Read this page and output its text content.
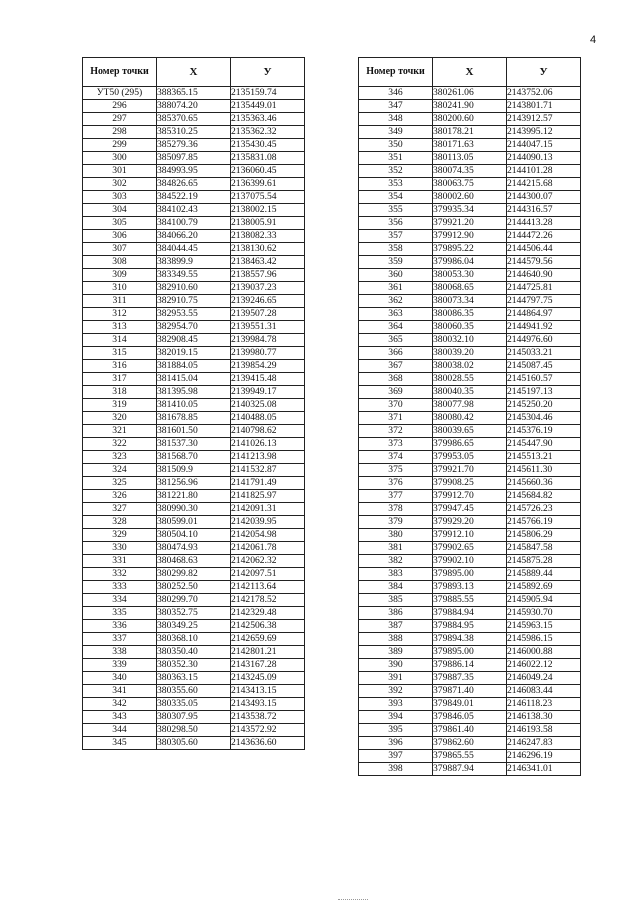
4
Номер точки	X	У
УТ50 (295)	388365.15	2135159.74
296	388074.20	2135449.01
297	385370.65	2135363.46
298	385310.25	2135362.32
299	385279.36	2135430.45
300	385097.85	2135831.08
301	384993.95	2136060.45
302	384826.65	2136399.61
303	384522.19	2137075.54
304	384102.43	2138002.15
305	384100.79	2138005.91
306	384066.20	2138082.33
307	384044.45	2138130.62
308	383899.9	2138463.42
309	383349.55	2138557.96
310	382910.60	2139037.23
311	382910.75	2139246.65
312	382953.55	2139507.28
313	382954.70	2139551.31
314	382908.45	2139984.78
315	382019.15	2139980.77
316	381884.05	2139854.29
317	381415.04	2139415.48
318	381395.98	2139949.17
319	381410.05	2140325.08
320	381678.85	2140488.05
321	381601.50	2140798.62
322	381537.30	2141026.13
323	381568.70	2141213.98
324	381509.9	2141532.87
325	381256.96	2141791.49
326	381221.80	2141825.97
327	380990.30	2142091.31
328	380599.01	2142039.95
329	380504.10	2142054.98
330	380474.93	2142061.78
331	380468.63	2142062.32
332	380299.82	2142097.51
333	380252.50	2142113.64
334	380299.70	2142178.52
335	380352.75	2142329.48
336	380349.25	2142506.38
337	380368.10	2142659.69
338	380350.40	2142801.21
339	380352.30	2143167.28
340	380363.15	2143245.09
341	380355.60	2143413.15
342	380335.05	2143493.15
343	380307.95	2143538.72
344	380298.50	2143572.92
345	380305.60	2143636.60
Номер точки	X	У
346	380261.06	2143752.06
347	380241.90	2143801.71
348	380200.60	2143912.57
349	380178.21	2143995.12
350	380171.63	2144047.15
351	380113.05	2144090.13
352	380074.35	2144101.28
353	380063.75	2144215.68
354	380002.60	2144300.07
355	379935.34	2144316.57
356	379921.20	2144413.28
357	379912.90	2144472.26
358	379895.22	2144506.44
359	379986.04	2144579.56
360	380053.30	2144640.90
361	380068.65	2144725.81
362	380073.34	2144797.75
363	380086.35	2144864.97
364	380060.35	2144941.92
365	380032.10	2144976.60
366	380039.20	2145033.21
367	380038.02	2145087.45
368	380028.55	2145160.57
369	380040.35	2145197.13
370	380077.98	2145250.20
371	380080.42	2145304.46
372	380039.65	2145376.19
373	379986.65	2145447.90
374	379953.05	2145513.21
375	379921.70	2145611.30
376	379908.25	2145660.36
377	379912.70	2145684.82
378	379947.45	2145726.23
379	379929.20	2145766.19
380	379912.10	2145806.29
381	379902.65	2145847.58
382	379902.10	2145875.28
383	379895.00	2145889.44
384	379893.13	2145892.69
385	379885.55	2145905.94
386	379884.94	2145930.70
387	379884.95	2145963.15
388	379894.38	2145986.15
389	379895.00	2146000.88
390	379886.14	2146022.12
391	379887.35	2146049.24
392	379871.40	2146083.44
393	379849.01	2146118.23
394	379846.05	2146138.30
395	379861.40	2146193.58
396	379862.60	2146247.83
397	379865.55	2146296.19
398	379887.94	2146341.01
